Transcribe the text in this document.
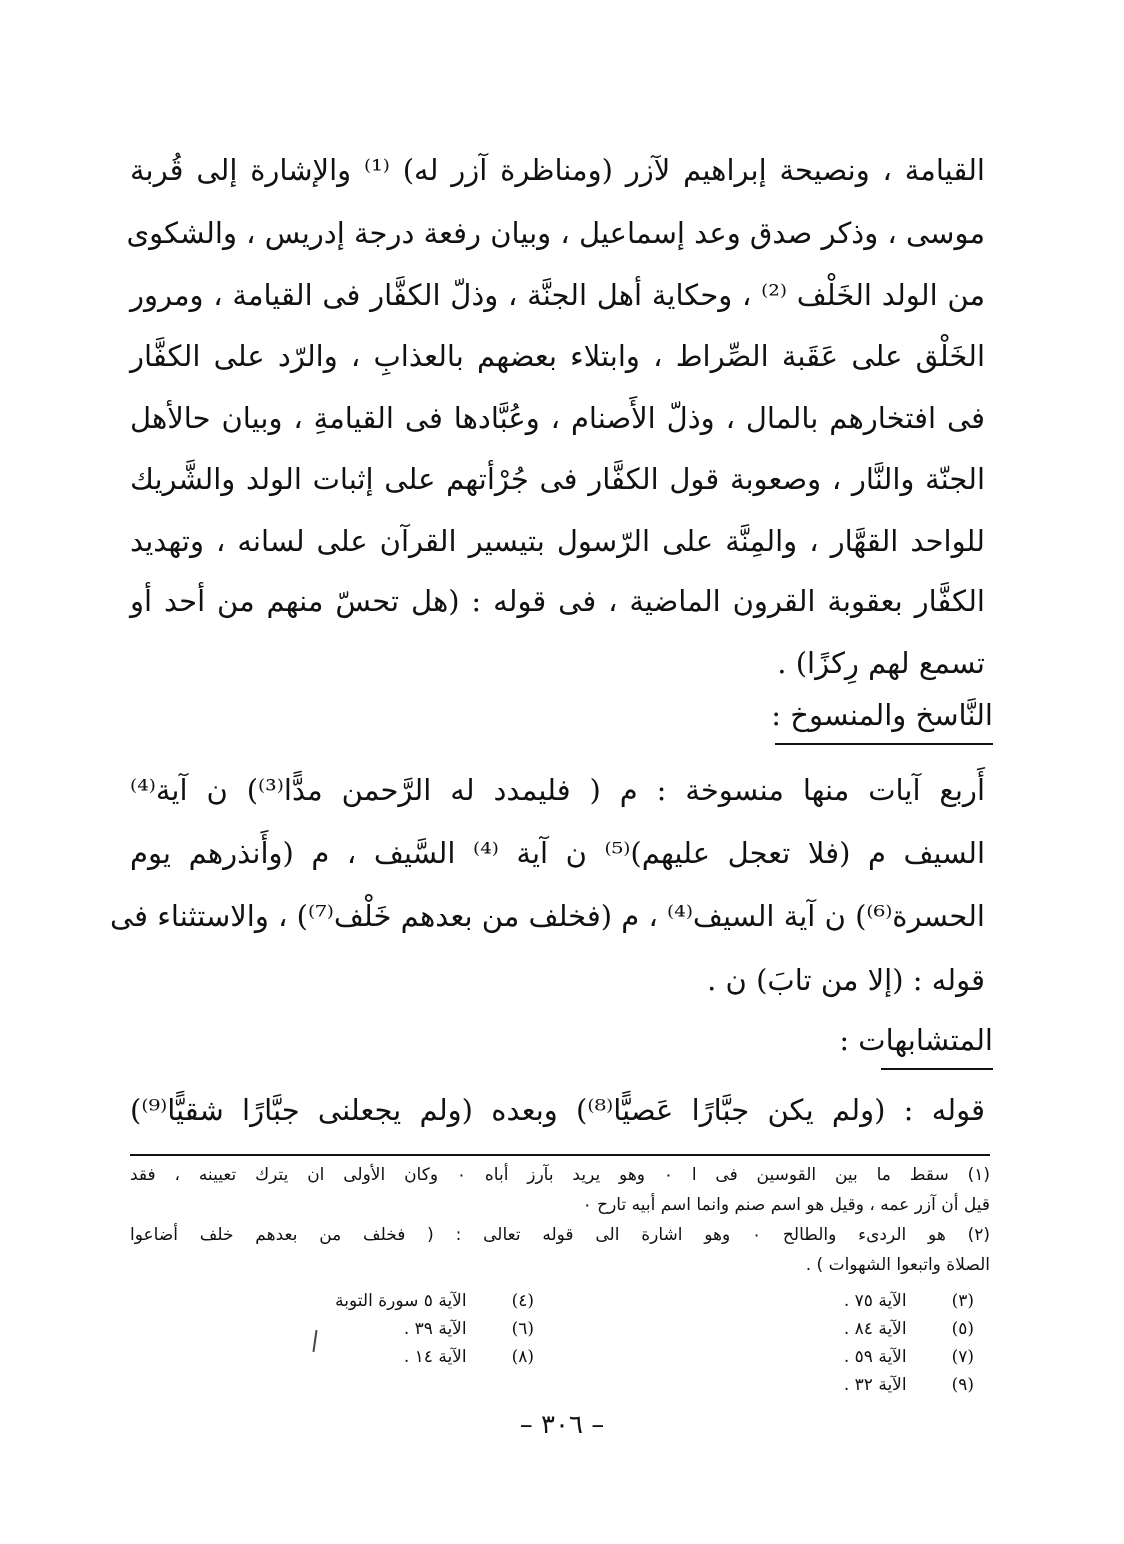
القيامة ، ونصيحة إبراهيم لآزر (ومناظرة آزر له) ⁽¹⁾ والإشارة إلى قُربة
موسى ، وذكر صدق وعد إسماعيل ، وبيان رفعة درجة إدريس ، والشكوى
من الولد الخَلْف ⁽²⁾ ، وحكاية أهل الجنَّة ، وذلّ الكفَّار فى القيامة ، ومرور
الخَلْق على عَقَبة الصِّراط ، وابتلاء بعضهم بالعذابِ ، والرّد على الكفَّار
فى افتخارهم بالمال ، وذلّ الأَصنام ، وعُبَّادها فى القيامةِ ، وبيان حالأهل
الجنّة والنَّار ، وصعوبة قول الكفَّار فى جُرْأتهم على إثبات الولد والشَّريك
للواحد القهَّار ، والمِنَّة على الرّسول بتيسير القرآن على لسانه ، وتهديد
الكفَّار بعقوبة القرون الماضية ، فى قوله : (هل تحسّ منهم من أحد أو
تسمع لهم رِكزًا) .
النَّاسخ والمنسوخ :
أَربع آيات منها منسوخة : م ( فليمدد له الرَّحمن مدًّا⁽³⁾) ن آية⁽⁴⁾
السيف م (فلا تعجل عليهم)⁽⁵⁾ ن آية ⁽⁴⁾ السَّيف ، م (وأَنذرهم يوم
الحسرة⁽⁶⁾) ن آية السيف⁽⁴⁾ ، م (فخلف من بعدهم خَلْف⁽⁷⁾) ، والاستثناء فى
قوله : (إلا من تابَ) ن .
المتشابهات :
قوله : (ولم يكن جبَّارًا عَصيًّا⁽⁸⁾) وبعده (ولم يجعلنى جبَّارًا شقيًّا⁽⁹⁾)
(١) سقط ما بين القوسين فى ا ٠ وهو يريد بآرز أباه ٠ وكان الأولى ان يترك تعيينه ، فقد
قيل أن آزر عمه ، وقيل هو اسم صنم وانما اسم أبيه تارح ٠
(٢) هو الردىء والطالح ٠ وهو اشارة الى قوله تعالى : ( فخلف من بعدهم خلف أضاعوا
الصلاة واتبعوا الشهوات ) .
(٣) الآية ٧٥ .
(٤) الآية ٥ سورة التوبة
(٥) الآية ٨٤ .
(٦) الآية ٣٩ .
(٧) الآية ٥٩ .
(٨) الآية ١٤ .
(٩) الآية ٣٢ .
– ٣٠٦ –
